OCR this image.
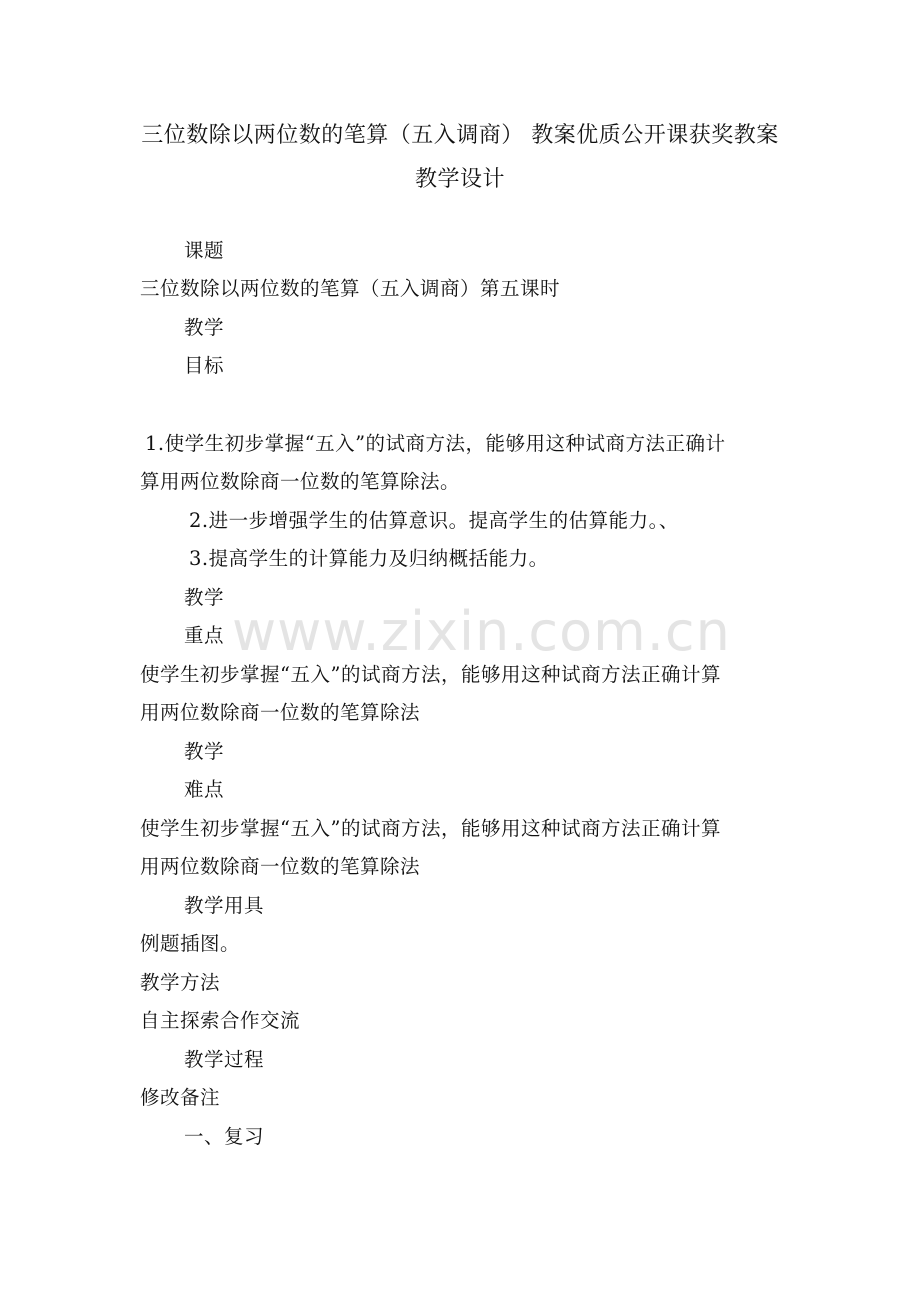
三位数除以两位数的笔算（五入调商） 教案优质公开课获奖教案教学设计
课题
三位数除以两位数的笔算（五入调商）第五课时
教学
目标
1.使学生初步掌握“五入”的试商方法，能够用这种试商方法正确计
算用两位数除商一位数的笔算除法。
2.进一步增强学生的估算意识。提高学生的估算能力。、
3.提高学生的计算能力及归纳概括能力。
教学
重点
使学生初步掌握“五入”的试商方法，能够用这种试商方法正确计算
用两位数除商一位数的笔算除法
教学
难点
使学生初步掌握“五入”的试商方法，能够用这种试商方法正确计算
用两位数除商一位数的笔算除法
教学用具
例题插图。
教学方法
自主探索合作交流
教学过程
修改备注
一、复习
www.zixin.com.cn
